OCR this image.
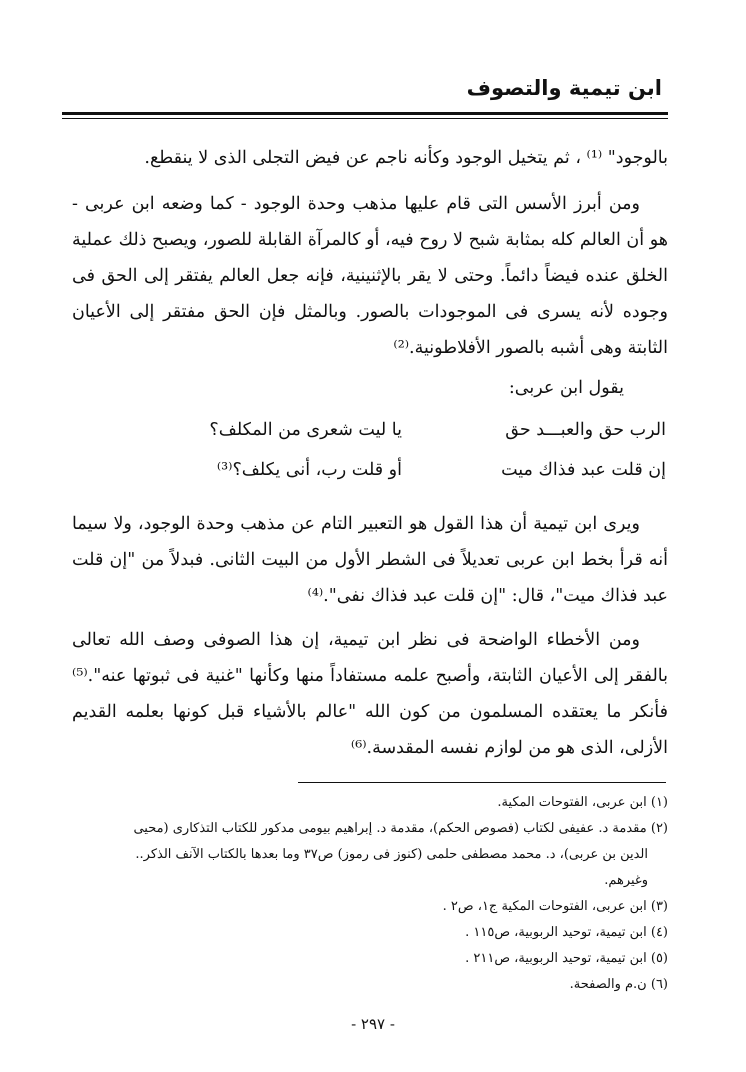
ابن تيمية والتصوف
بالوجود" ⁽¹⁾ ، ثم يتخيل الوجود وكأنه ناجم عن فيض التجلى الذى لا ينقطع.
ومن أبرز الأسس التى قام عليها مذهب وحدة الوجود - كما وضعه ابن عربى - هو أن العالم كله بمثابة شبح لا روح فيه، أو كالمرآة القابلة للصور، ويصبح ذلك عملية الخلق عنده فيضاً دائماً. وحتى لا يقر بالإثنينية، فإنه جعل العالم يفتقر إلى الحق فى وجوده لأنه يسرى فى الموجودات بالصور. وبالمثل فإن الحق مفتقر إلى الأعيان الثابتة وهى أشبه بالصور الأفلاطونية.⁽²⁾
يقول ابن عربى:
الرب حق والعبـــد حق
يا ليت شعرى من المكلف؟
إن قلت عبد فذاك ميت
أو قلت رب، أنى يكلف؟⁽³⁾
ويرى ابن تيمية أن هذا القول هو التعبير التام عن مذهب وحدة الوجود، ولا سيما أنه قرأ بخط ابن عربى تعديلاً فى الشطر الأول من البيت الثانى. فبدلاً من "إن قلت عبد فذاك ميت"، قال: "إن قلت عبد فذاك نفى".⁽⁴⁾
ومن الأخطاء الواضحة فى نظر ابن تيمية، إن هذا الصوفى وصف الله تعالى بالفقر إلى الأعيان الثابتة، وأصبح علمه مستفاداً منها وكأنها "غنية فى ثبوتها عنه".⁽⁵⁾ فأنكر ما يعتقده المسلمون من كون الله "عالم بالأشياء قبل كونها بعلمه القديم الأزلى، الذى هو من لوازم نفسه المقدسة.⁽⁶⁾
(١) ابن عربى، الفتوحات المكية.
(٢) مقدمة د. عفيفى لكتاب (فصوص الحكم)، مقدمة د. إبراهيم بيومى مدكور للكتاب التذكارى (محيى
الدين بن عربى)، د. محمد مصطفى حلمى (كنوز فى رموز) ص٣٧ وما بعدها بالكتاب الآنف الذكر..
وغيرهم.
(٣) ابن عربى، الفتوحات المكية ج١، ص٢ .
(٤) ابن تيمية، توحيد الربوبية، ص١١٥ .
(٥) ابن تيمية، توحيد الربوبية، ص٢١١ .
(٦) ن.م والصفحة.
- ٢٩٧ -
